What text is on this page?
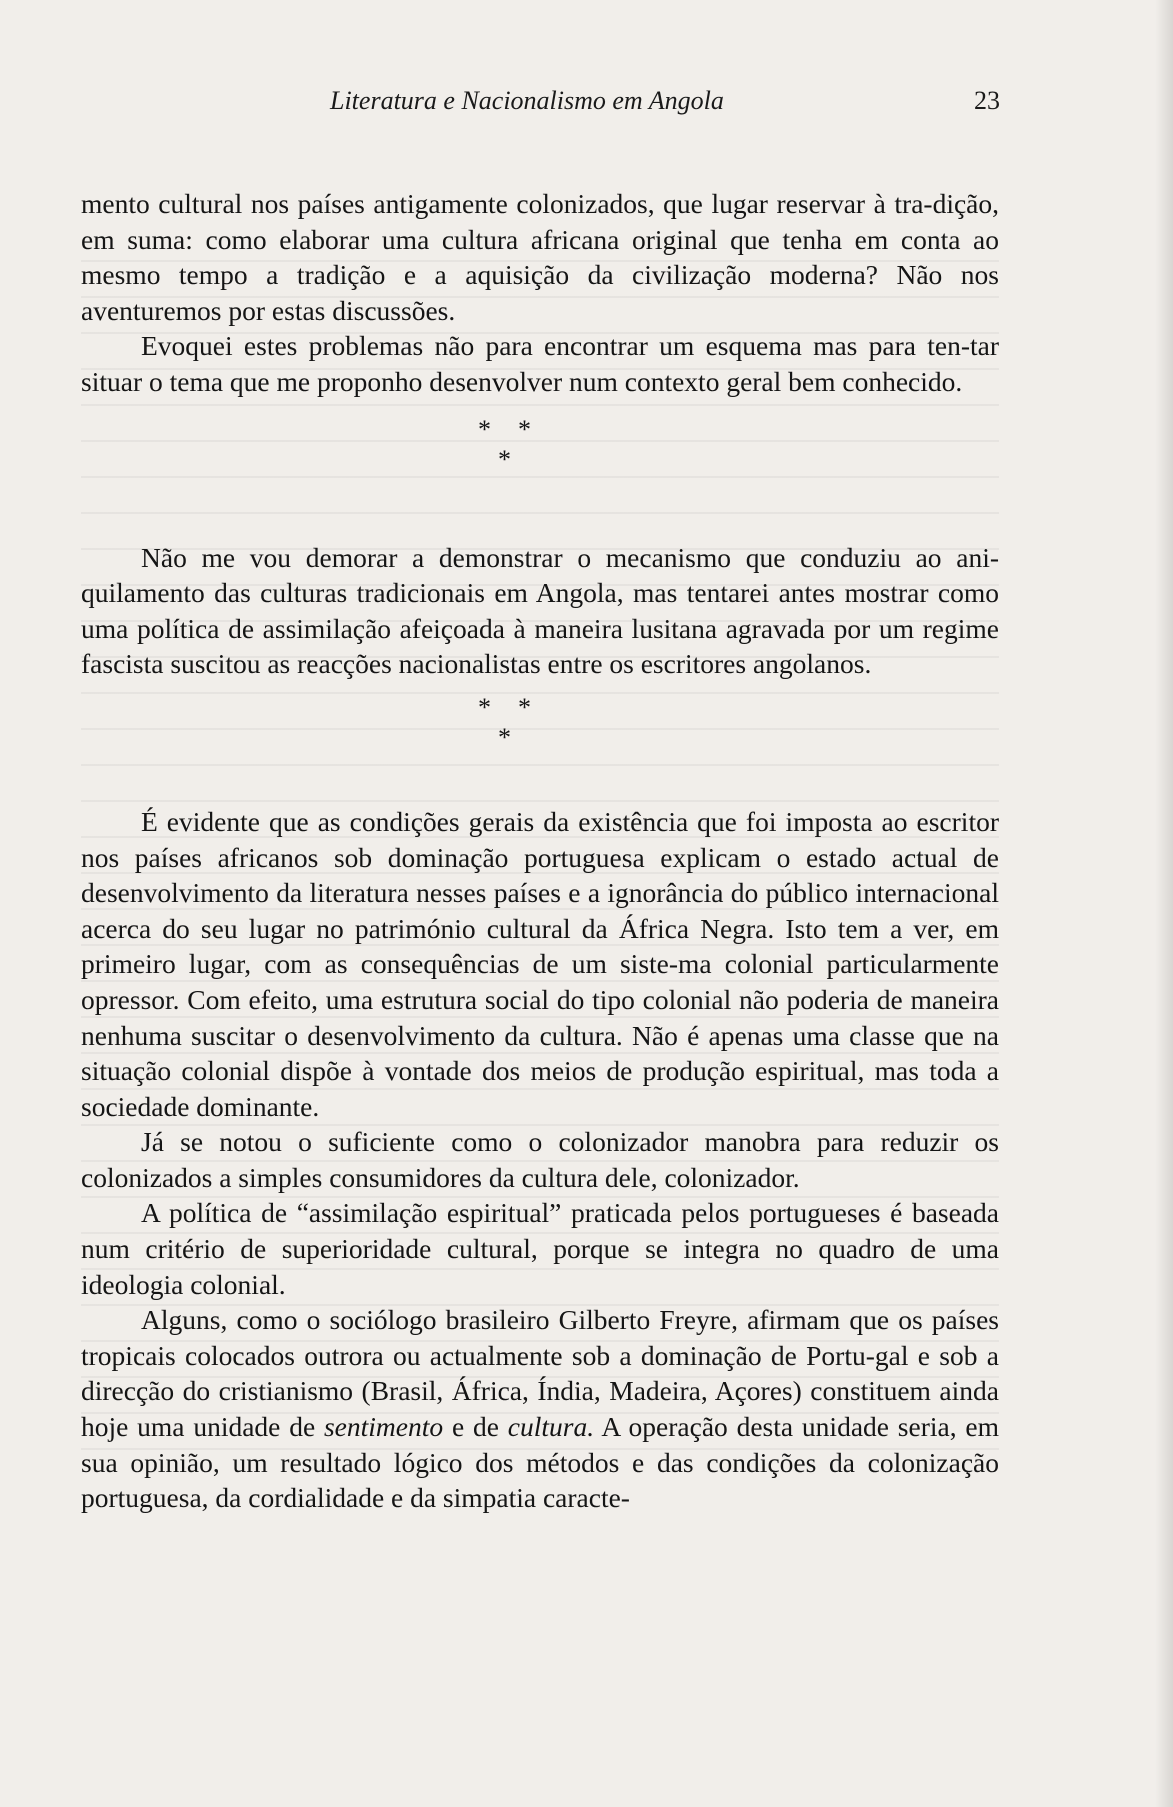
Literatura e Nacionalismo em Angola	23

mento cultural nos países antigamente colonizados, que lugar reservar à tra-dição, em suma: como elaborar uma cultura africana original que tenha em conta ao mesmo tempo a tradição e a aquisição da civilização moderna? Não nos aventuremos por estas discussões.

Evoquei estes problemas não para encontrar um esquema mas para ten-tar situar o tema que me proponho desenvolver num contexto geral bem conhecido.

* *
*

Não me vou demorar a demonstrar o mecanismo que conduziu ao ani-quilamento das culturas tradicionais em Angola, mas tentarei antes mostrar como uma política de assimilação afeiçoada à maneira lusitana agravada por um regime fascista suscitou as reacções nacionalistas entre os escritores angolanos.

* *
*

É evidente que as condições gerais da existência que foi imposta ao escritor nos países africanos sob dominação portuguesa explicam o estado actual de desenvolvimento da literatura nesses países e a ignorância do público internacional acerca do seu lugar no património cultural da África Negra. Isto tem a ver, em primeiro lugar, com as consequências de um siste-ma colonial particularmente opressor. Com efeito, uma estrutura social do tipo colonial não poderia de maneira nenhuma suscitar o desenvolvimento da cultura. Não é apenas uma classe que na situação colonial dispõe à vontade dos meios de produção espiritual, mas toda a sociedade dominante.

Já se notou o suficiente como o colonizador manobra para reduzir os colonizados a simples consumidores da cultura dele, colonizador.

A política de “assimilação espiritual” praticada pelos portugueses é baseada num critério de superioridade cultural, porque se integra no quadro de uma ideologia colonial.

Alguns, como o sociólogo brasileiro Gilberto Freyre, afirmam que os países tropicais colocados outrora ou actualmente sob a dominação de Portu-gal e sob a direcção do cristianismo (Brasil, África, Índia, Madeira, Açores) constituem ainda hoje uma unidade de sentimento e de cultura. A operação desta unidade seria, em sua opinião, um resultado lógico dos métodos e das condições da colonização portuguesa, da cordialidade e da simpatia caracte-
